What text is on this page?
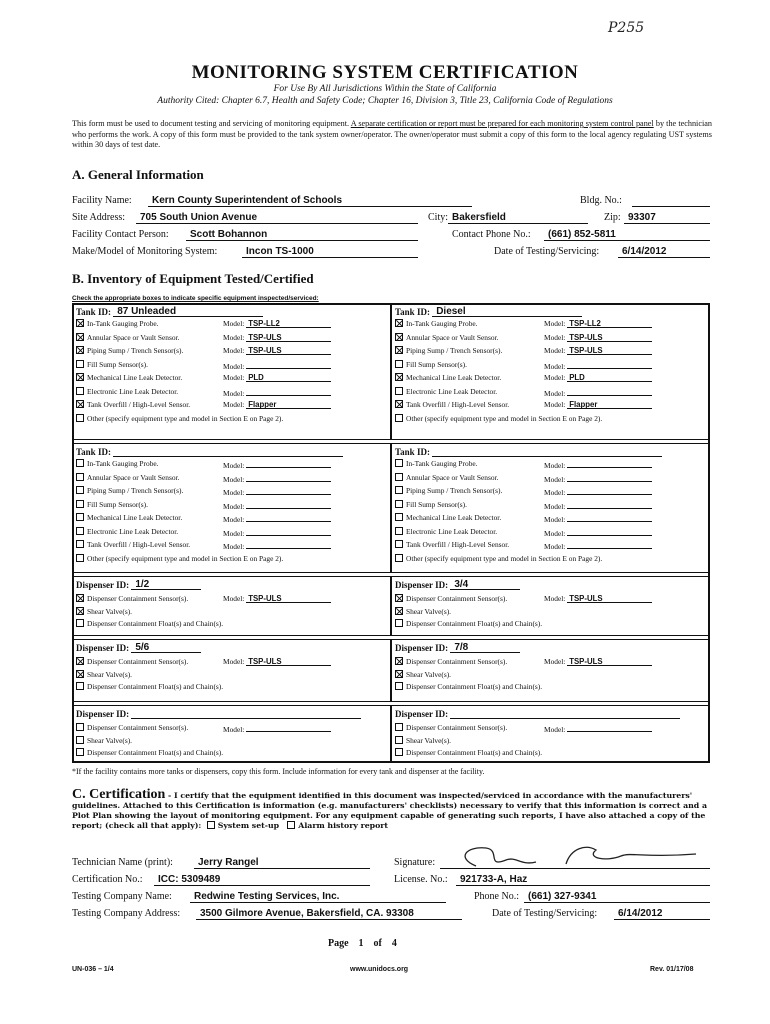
P255
MONITORING SYSTEM CERTIFICATION
For Use By All Jurisdictions Within the State of California
Authority Cited: Chapter 6.7, Health and Safety Code; Chapter 16, Division 3, Title 23, California Code of Regulations
This form must be used to document testing and servicing of monitoring equipment. A separate certification or report must be prepared for each monitoring system control panel by the technician who performs the work. A copy of this form must be provided to the tank system owner/operator. The owner/operator must submit a copy of this form to the local agency regulating UST systems within 30 days of test date.
A. General Information
Facility Name:	Kern County Superintendent of Schools	Bldg. No.:
Site Address:	705 South Union Avenue	City: Bakersfield	Zip: 93307
Facility Contact Person:	Scott Bohannon	Contact Phone No.:	(661) 852-5811
Make/Model of Monitoring System:	Incon TS-1000	Date of Testing/Servicing:	6/14/2012
B. Inventory of Equipment Tested/Certified
Check the appropriate boxes to indicate specific equipment inspected/serviced:
Tank ID: 87 Unleaded
In-Tank Gauging Probe.	Model: TSP-LL2
Annular Space or Vault Sensor.	Model: TSP-ULS
Piping Sump / Trench Sensor(s).	Model: TSP-ULS
Fill Sump Sensor(s).	Model:
Mechanical Line Leak Detector.	Model: PLD
Electronic Line Leak Detector.	Model:
Tank Overfill / High-Level Sensor.	Model: Flapper
Other (specify equipment type and model in Section E on Page 2).
Tank ID: Diesel
In-Tank Gauging Probe.	Model: TSP-LL2
Annular Space or Vault Sensor.	Model: TSP-ULS
Piping Sump / Trench Sensor(s).	Model: TSP-ULS
Fill Sump Sensor(s).	Model:
Mechanical Line Leak Detector.	Model: PLD
Electronic Line Leak Detector.	Model:
Tank Overfill / High-Level Sensor.	Model: Flapper
Other (specify equipment type and model in Section E on Page 2).
Tank ID:
In-Tank Gauging Probe.	Model:
Annular Space or Vault Sensor.	Model:
Piping Sump / Trench Sensor(s).	Model:
Fill Sump Sensor(s).	Model:
Mechanical Line Leak Detector.	Model:
Electronic Line Leak Detector.	Model:
Tank Overfill / High-Level Sensor.	Model:
Other (specify equipment type and model in Section E on Page 2).
Tank ID:
In-Tank Gauging Probe.	Model:
Annular Space or Vault Sensor.	Model:
Piping Sump / Trench Sensor(s).	Model:
Fill Sump Sensor(s).	Model:
Mechanical Line Leak Detector.	Model:
Electronic Line Leak Detector.	Model:
Tank Overfill / High-Level Sensor.	Model:
Other (specify equipment type and model in Section E on Page 2).
Dispenser ID: 1/2
Dispenser Containment Sensor(s).	Model: TSP-ULS
Shear Valve(s).
Dispenser Containment Float(s) and Chain(s).
Dispenser ID: 3/4
Dispenser Containment Sensor(s).	Model: TSP-ULS
Shear Valve(s).
Dispenser Containment Float(s) and Chain(s).
Dispenser ID: 5/6
Dispenser Containment Sensor(s).	Model: TSP-ULS
Shear Valve(s).
Dispenser Containment Float(s) and Chain(s).
Dispenser ID: 7/8
Dispenser Containment Sensor(s).	Model: TSP-ULS
Shear Valve(s).
Dispenser Containment Float(s) and Chain(s).
Dispenser ID:
Dispenser Containment Sensor(s).	Model:
Shear Valve(s).
Dispenser Containment Float(s) and Chain(s).
Dispenser ID:
Dispenser Containment Sensor(s).	Model:
Shear Valve(s).
Dispenser Containment Float(s) and Chain(s).
*If the facility contains more tanks or dispensers, copy this form. Include information for every tank and dispenser at the facility.
C. Certification - I certify that the equipment identified in this document was inspected/serviced in accordance with the manufacturers' guidelines. Attached to this Certification is information (e.g. manufacturers' checklists) necessary to verify that this information is correct and a Plot Plan showing the layout of monitoring equipment. For any equipment capable of generating such reports, I have also attached a copy of the report; (check all that apply): System set-up Alarm history report
Technician Name (print):	Jerry Rangel	Signature:
Certification No.:	ICC: 5309489	License. No.:	921733-A, Haz
Testing Company Name:	Redwine Testing Services, Inc.	Phone No.: (661) 327-9341
Testing Company Address:	3500 Gilmore Avenue, Bakersfield, CA. 93308	Date of Testing/Servicing:	6/14/2012
Page 1 of 4
UN-036 – 1/4	www.unidocs.org	Rev. 01/17/08
